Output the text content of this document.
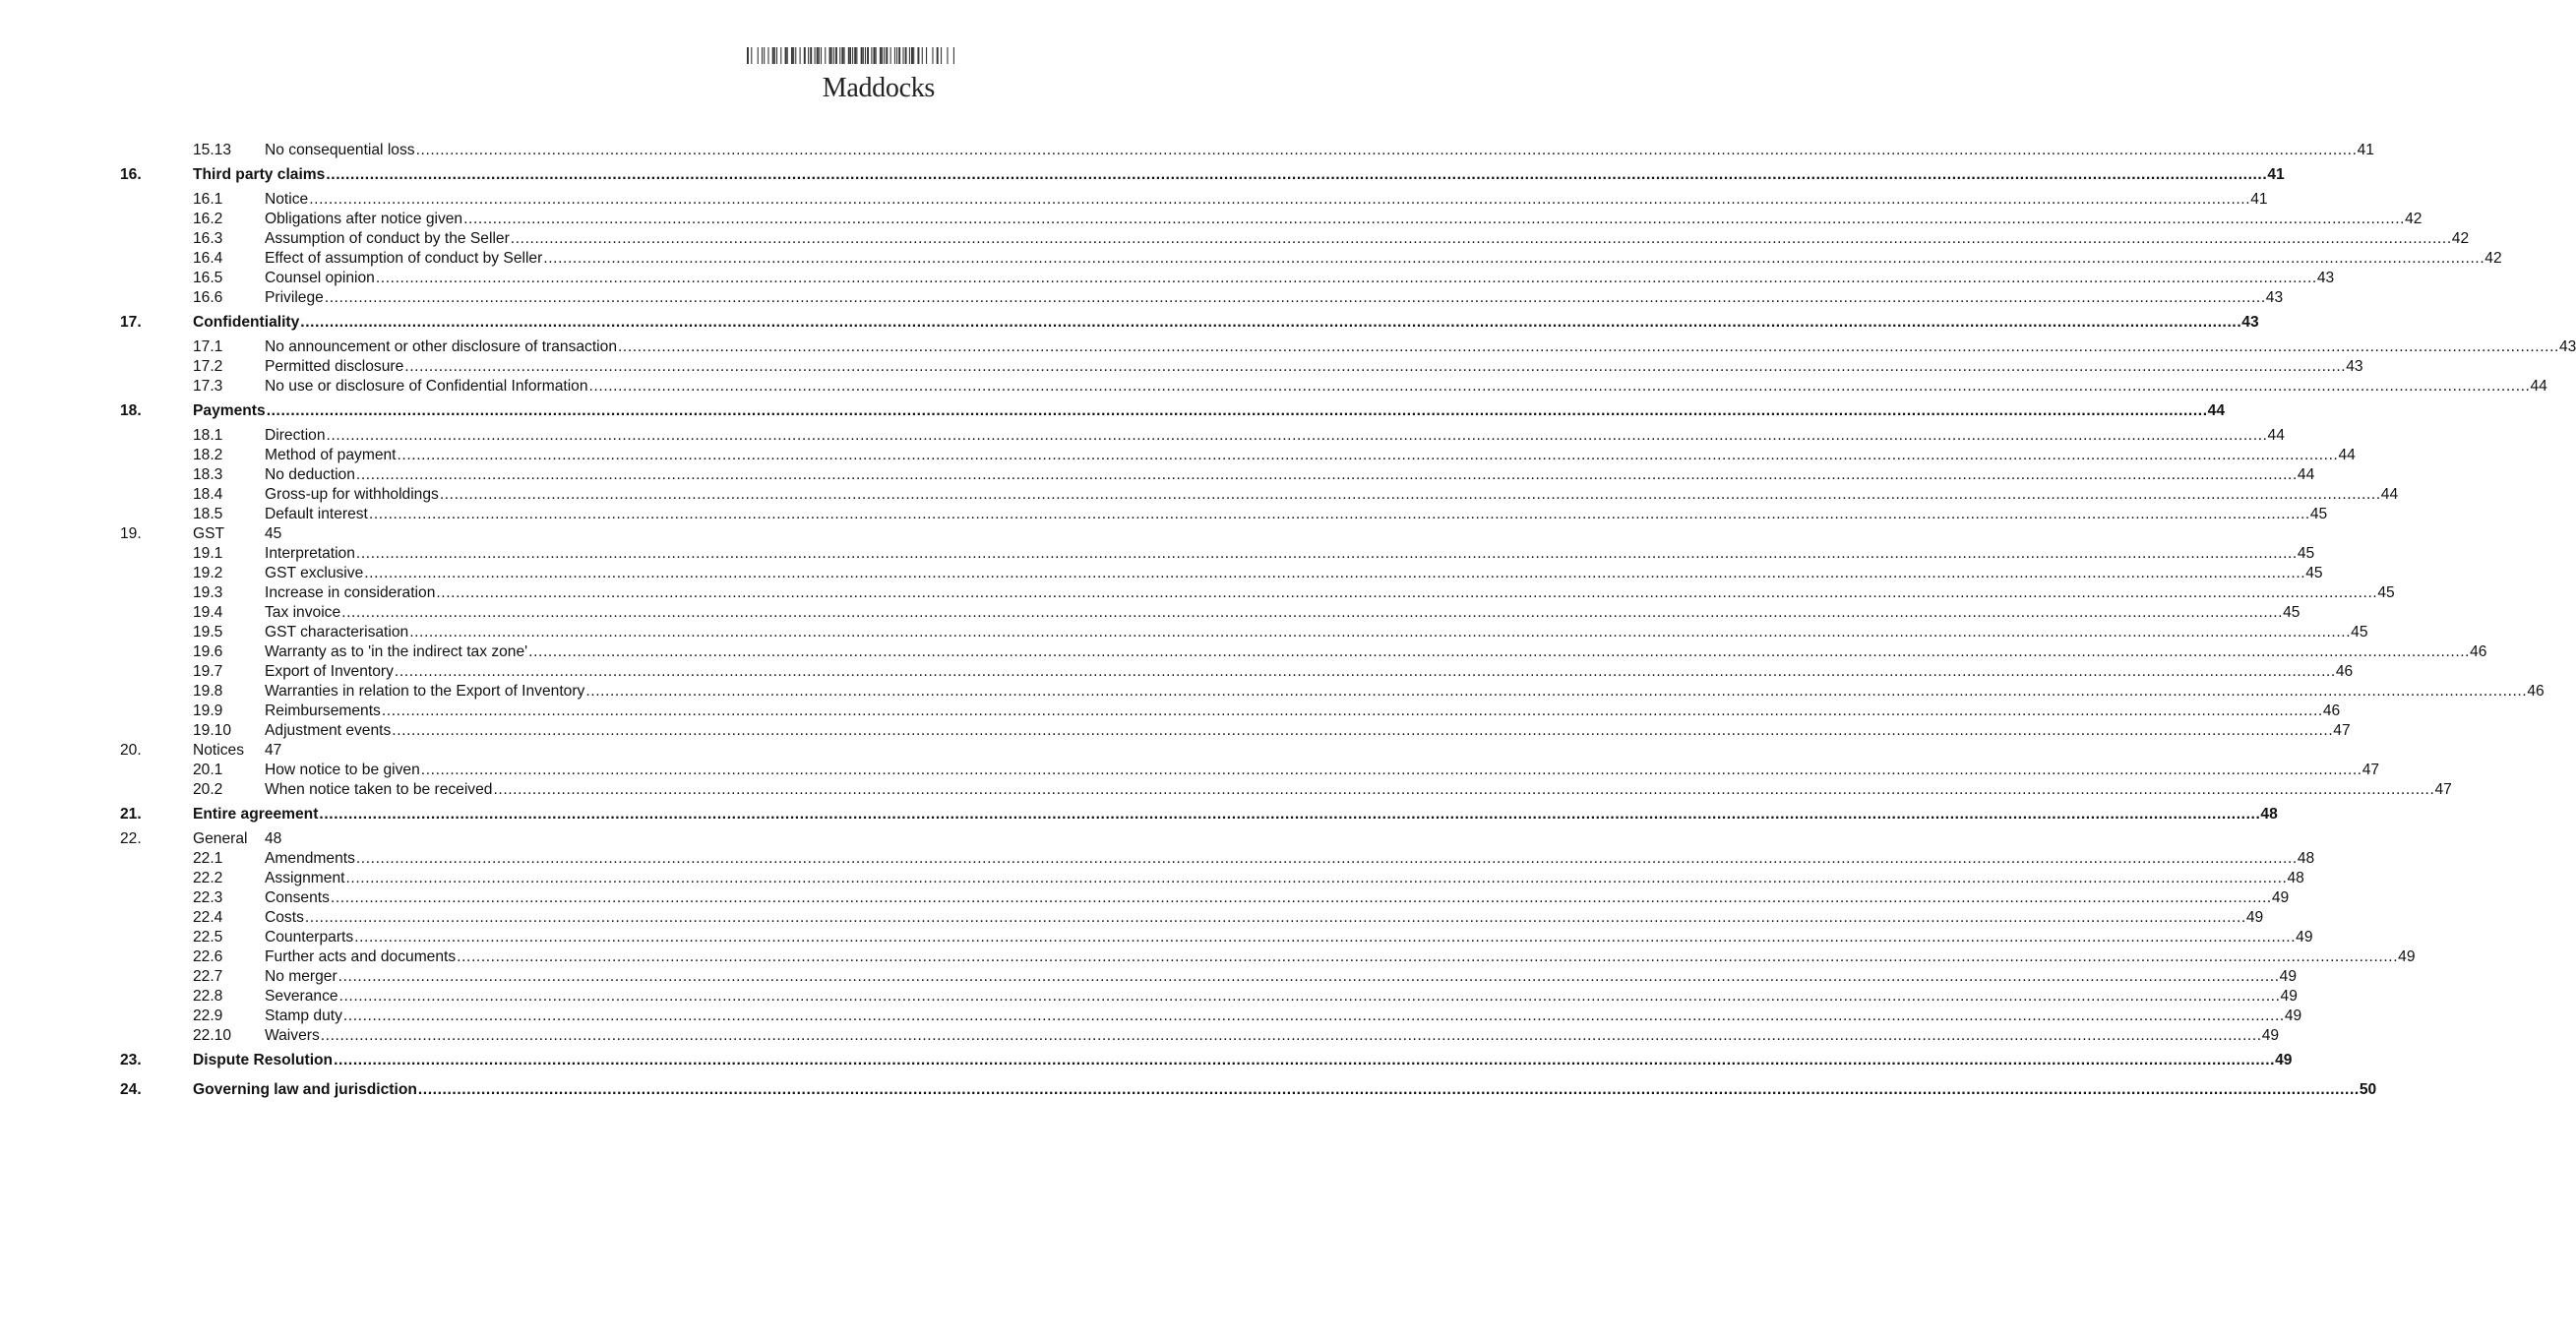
Maddocks
15.13 No consequential loss ................................................................................................................................................................................................................................................................................................................................................................................................................ 41
16.	Third party claims ................................................................................................................................................................................................................................................................................................................................................................................................................ 41
16.1	Notice ................................................................................................................................................................................................................................................................................................................................................................................................................ 41
16.2	Obligations after notice given ................................................................................................................................................................................................................................................................................................................................................................................................................ 42
16.3	Assumption of conduct by the Seller ................................................................................................................................................................................................................................................................................................................................................................................................................ 42
16.4	Effect of assumption of conduct by Seller ................................................................................................................................................................................................................................................................................................................................................................................................................ 42
16.5	Counsel opinion ................................................................................................................................................................................................................................................................................................................................................................................................................ 43
16.6	Privilege ................................................................................................................................................................................................................................................................................................................................................................................................................ 43
17.	Confidentiality ................................................................................................................................................................................................................................................................................................................................................................................................................ 43
17.1	No announcement or other disclosure of transaction ................................................................................................................................................................................................................................................................................................................................................................................................................ 43
17.2	Permitted disclosure ................................................................................................................................................................................................................................................................................................................................................................................................................ 43
17.3	No use or disclosure of Confidential Information ................................................................................................................................................................................................................................................................................................................................................................................................................ 44
18.	Payments ................................................................................................................................................................................................................................................................................................................................................................................................................ 44
18.1	Direction ................................................................................................................................................................................................................................................................................................................................................................................................................ 44
18.2	Method of payment ................................................................................................................................................................................................................................................................................................................................................................................................................ 44
18.3	No deduction ................................................................................................................................................................................................................................................................................................................................................................................................................ 44
18.4	Gross-up for withholdings ................................................................................................................................................................................................................................................................................................................................................................................................................ 44
18.5	Default interest ................................................................................................................................................................................................................................................................................................................................................................................................................ 45
19.	GST	45
19.1	Interpretation ................................................................................................................................................................................................................................................................................................................................................................................................................ 45
19.2	GST exclusive ................................................................................................................................................................................................................................................................................................................................................................................................................ 45
19.3	Increase in consideration ................................................................................................................................................................................................................................................................................................................................................................................................................ 45
19.4	Tax invoice ................................................................................................................................................................................................................................................................................................................................................................................................................ 45
19.5	GST characterisation ................................................................................................................................................................................................................................................................................................................................................................................................................ 45
19.6	Warranty as to 'in the indirect tax zone' ................................................................................................................................................................................................................................................................................................................................................................................................................ 46
19.7	Export of Inventory ................................................................................................................................................................................................................................................................................................................................................................................................................ 46
19.8	Warranties in relation to the Export of Inventory ................................................................................................................................................................................................................................................................................................................................................................................................................ 46
19.9	Reimbursements ................................................................................................................................................................................................................................................................................................................................................................................................................ 46
19.10 Adjustment events ................................................................................................................................................................................................................................................................................................................................................................................................................ 47
20.	Notices 47
20.1	How notice to be given ................................................................................................................................................................................................................................................................................................................................................................................................................ 47
20.2	When notice taken to be received ................................................................................................................................................................................................................................................................................................................................................................................................................ 47
21.	Entire agreement ................................................................................................................................................................................................................................................................................................................................................................................................................ 48
22.	General 48
22.1	Amendments ................................................................................................................................................................................................................................................................................................................................................................................................................ 48
22.2	Assignment ................................................................................................................................................................................................................................................................................................................................................................................................................ 48
22.3	Consents ................................................................................................................................................................................................................................................................................................................................................................................................................ 49
22.4	Costs ................................................................................................................................................................................................................................................................................................................................................................................................................ 49
22.5	Counterparts ................................................................................................................................................................................................................................................................................................................................................................................................................ 49
22.6	Further acts and documents ................................................................................................................................................................................................................................................................................................................................................................................................................ 49
22.7	No merger ................................................................................................................................................................................................................................................................................................................................................................................................................ 49
22.8	Severance ................................................................................................................................................................................................................................................................................................................................................................................................................ 49
22.9	Stamp duty ................................................................................................................................................................................................................................................................................................................................................................................................................ 49
22.10 Waivers ................................................................................................................................................................................................................................................................................................................................................................................................................ 49
23.	Dispute Resolution ................................................................................................................................................................................................................................................................................................................................................................................................................ 49
24.	Governing law and jurisdiction ................................................................................................................................................................................................................................................................................................................................................................................................................ 50
